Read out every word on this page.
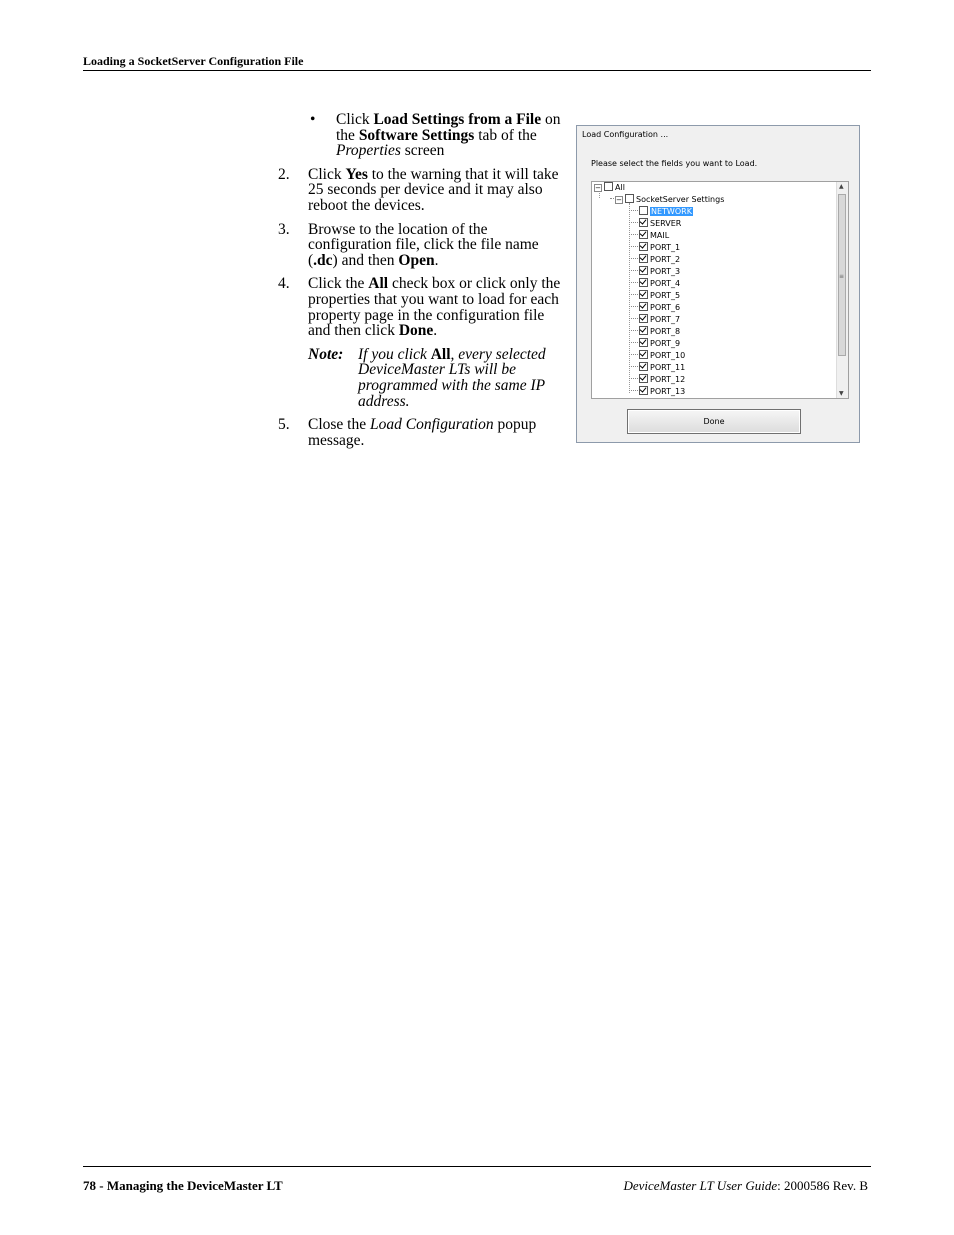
Loading a SocketServer Configuration File

• Click Load Settings from a File on the Software Settings tab of the Properties screen

2. Click Yes to the warning that it will take 25 seconds per device and it may also reboot the devices.

3. Browse to the location of the configuration file, click the file name (.dc) and then Open.

4. Click the All check box or click only the properties that you want to load for each property page in the configuration file and then click Done.

Note: If you click All, every selected DeviceMaster LTs will be programmed with the same IP address.

5. Close the Load Configuration popup message.

Load Configuration ...
Please select the fields you want to Load.
− All
− SocketServer Settings
NETWORK
SERVER
MAIL
PORT_1
PORT_2
PORT_3
PORT_4
PORT_5
PORT_6
PORT_7
PORT_8
PORT_9
PORT_10
PORT_11
PORT_12
PORT_13
▲
≡
▼
Done
78 - Managing the DeviceMaster LT	DeviceMaster LT User Guide: 2000586 Rev. B
